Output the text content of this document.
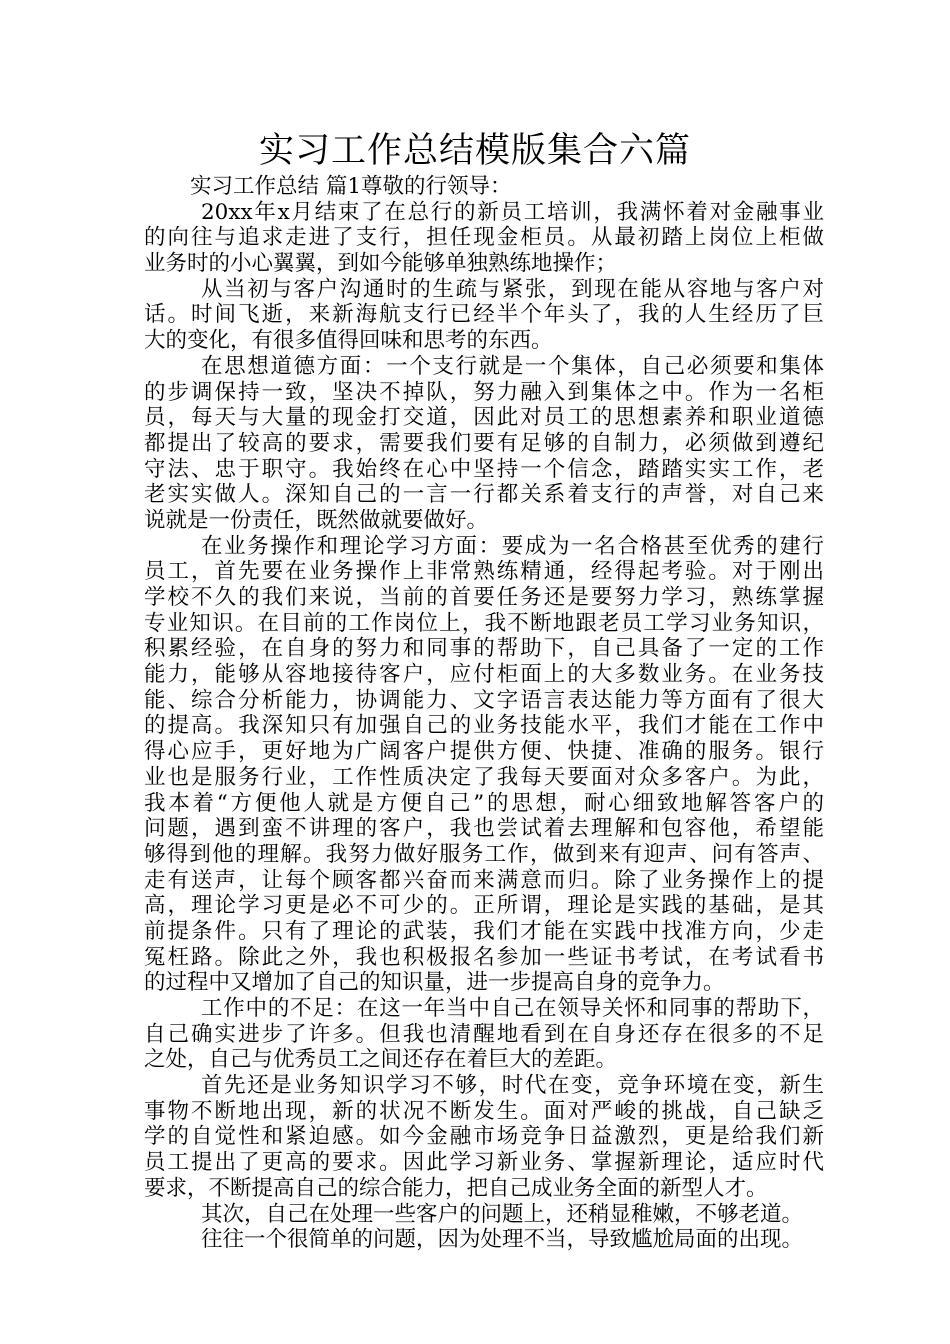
实习工作总结模版集合六篇
实习工作总结 篇1尊敬的行领导：
20xx年x月结束了在总行的新员工培训，我满怀着对金融事业
的向往与追求走进了支行，担任现金柜员。从最初踏上岗位上柜做
业务时的小心翼翼，到如今能够单独熟练地操作；
从当初与客户沟通时的生疏与紧张，到现在能从容地与客户对
话。时间飞逝，来新海航支行已经半个年头了，我的人生经历了巨
大的变化，有很多值得回味和思考的东西。
在思想道德方面：一个支行就是一个集体，自己必须要和集体
的步调保持一致，坚决不掉队，努力融入到集体之中。作为一名柜
员，每天与大量的现金打交道，因此对员工的思想素养和职业道德
都提出了较高的要求，需要我们要有足够的自制力，必须做到遵纪
守法、忠于职守。我始终在心中坚持一个信念，踏踏实实工作，老
老实实做人。深知自己的一言一行都关系着支行的声誉，对自己来
说就是一份责任，既然做就要做好。
在业务操作和理论学习方面：要成为一名合格甚至优秀的建行
员工，首先要在业务操作上非常熟练精通，经得起考验。对于刚出
学校不久的我们来说，当前的首要任务还是要努力学习，熟练掌握
专业知识。在目前的工作岗位上，我不断地跟老员工学习业务知识，
积累经验，在自身的努力和同事的帮助下，自己具备了一定的工作
能力，能够从容地接待客户，应付柜面上的大多数业务。在业务技
能、综合分析能力，协调能力、文字语言表达能力等方面有了很大
的提高。我深知只有加强自己的业务技能水平，我们才能在工作中
得心应手，更好地为广阔客户提供方便、快捷、准确的服务。银行
业也是服务行业，工作性质决定了我每天要面对众多客户。为此，
我本着“方便他人就是方便自己”的思想，耐心细致地解答客户的
问题，遇到蛮不讲理的客户，我也尝试着去理解和包容他，希望能
够得到他的理解。我努力做好服务工作，做到来有迎声、问有答声、
走有送声，让每个顾客都兴奋而来满意而归。除了业务操作上的提
高，理论学习更是必不可少的。正所谓，理论是实践的基础，是其
前提条件。只有了理论的武装，我们才能在实践中找准方向，少走
冤枉路。除此之外，我也积极报名参加一些证书考试，在考试看书
的过程中又增加了自己的知识量，进一步提高自身的竞争力。
工作中的不足：在这一年当中自己在领导关怀和同事的帮助下，
自己确实进步了许多。但我也清醒地看到在自身还存在很多的不足
之处，自己与优秀员工之间还存在着巨大的差距。
首先还是业务知识学习不够，时代在变，竞争环境在变，新生
事物不断地出现，新的状况不断发生。面对严峻的挑战，自己缺乏
学的自觉性和紧迫感。如今金融市场竞争日益激烈，更是给我们新
员工提出了更高的要求。因此学习新业务、掌握新理论，适应时代
要求，不断提高自己的综合能力，把自己成业务全面的新型人才。
其次，自己在处理一些客户的问题上，还稍显稚嫩，不够老道。
往往一个很简单的问题，因为处理不当，导致尴尬局面的出现。
